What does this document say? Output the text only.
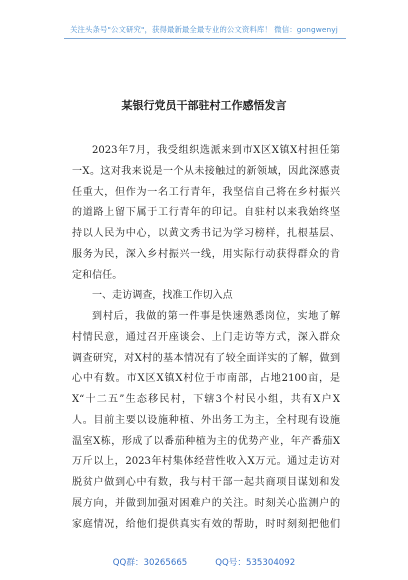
关注头条号"公文研究"，获得最新最全最专业的公文资料库！ 微信：gongwenyj
某银行党员干部驻村工作感悟发言
2023年7月，我受组织选派来到市X区X镇X村担任第
一X。这对我来说是一个从未接触过的新领域，因此深感责
任重大，但作为一名工行青年，我坚信自己将在乡村振兴
的道路上留下属于工行青年的印记。自驻村以来我始终坚
持以人民为中心，以黄文秀书记为学习榜样，扎根基层、
服务为民，深入乡村振兴一线，用实际行动获得群众的肯
定和信任。
一、走访调查，找准工作切入点
到村后，我做的第一件事是快速熟悉岗位，实地了解
村情民意，通过召开座谈会、上门走访等方式，深入群众
调查研究，对X村的基本情况有了较全面详实的了解，做到
心中有数。市X区X镇X村位于市南部，占地2100亩，是
X“十二五”生态移民村，下辖3个村民小组，共有X户X
人。目前主要以设施种植、外出务工为主，全村现有设施
温室X栋，形成了以番茄种植为主的优势产业，年产番茄X
万斤以上，2023年村集体经营性收入X万元。通过走访对
脱贫户做到心中有数，我与村干部一起共商项目谋划和发
展方向，并做到加强对困难户的关注。时刻关心监测户的
家庭情况，给他们提供真实有效的帮助，时时刻刻把他们
QQ群：30265665	QQ号：535304092
